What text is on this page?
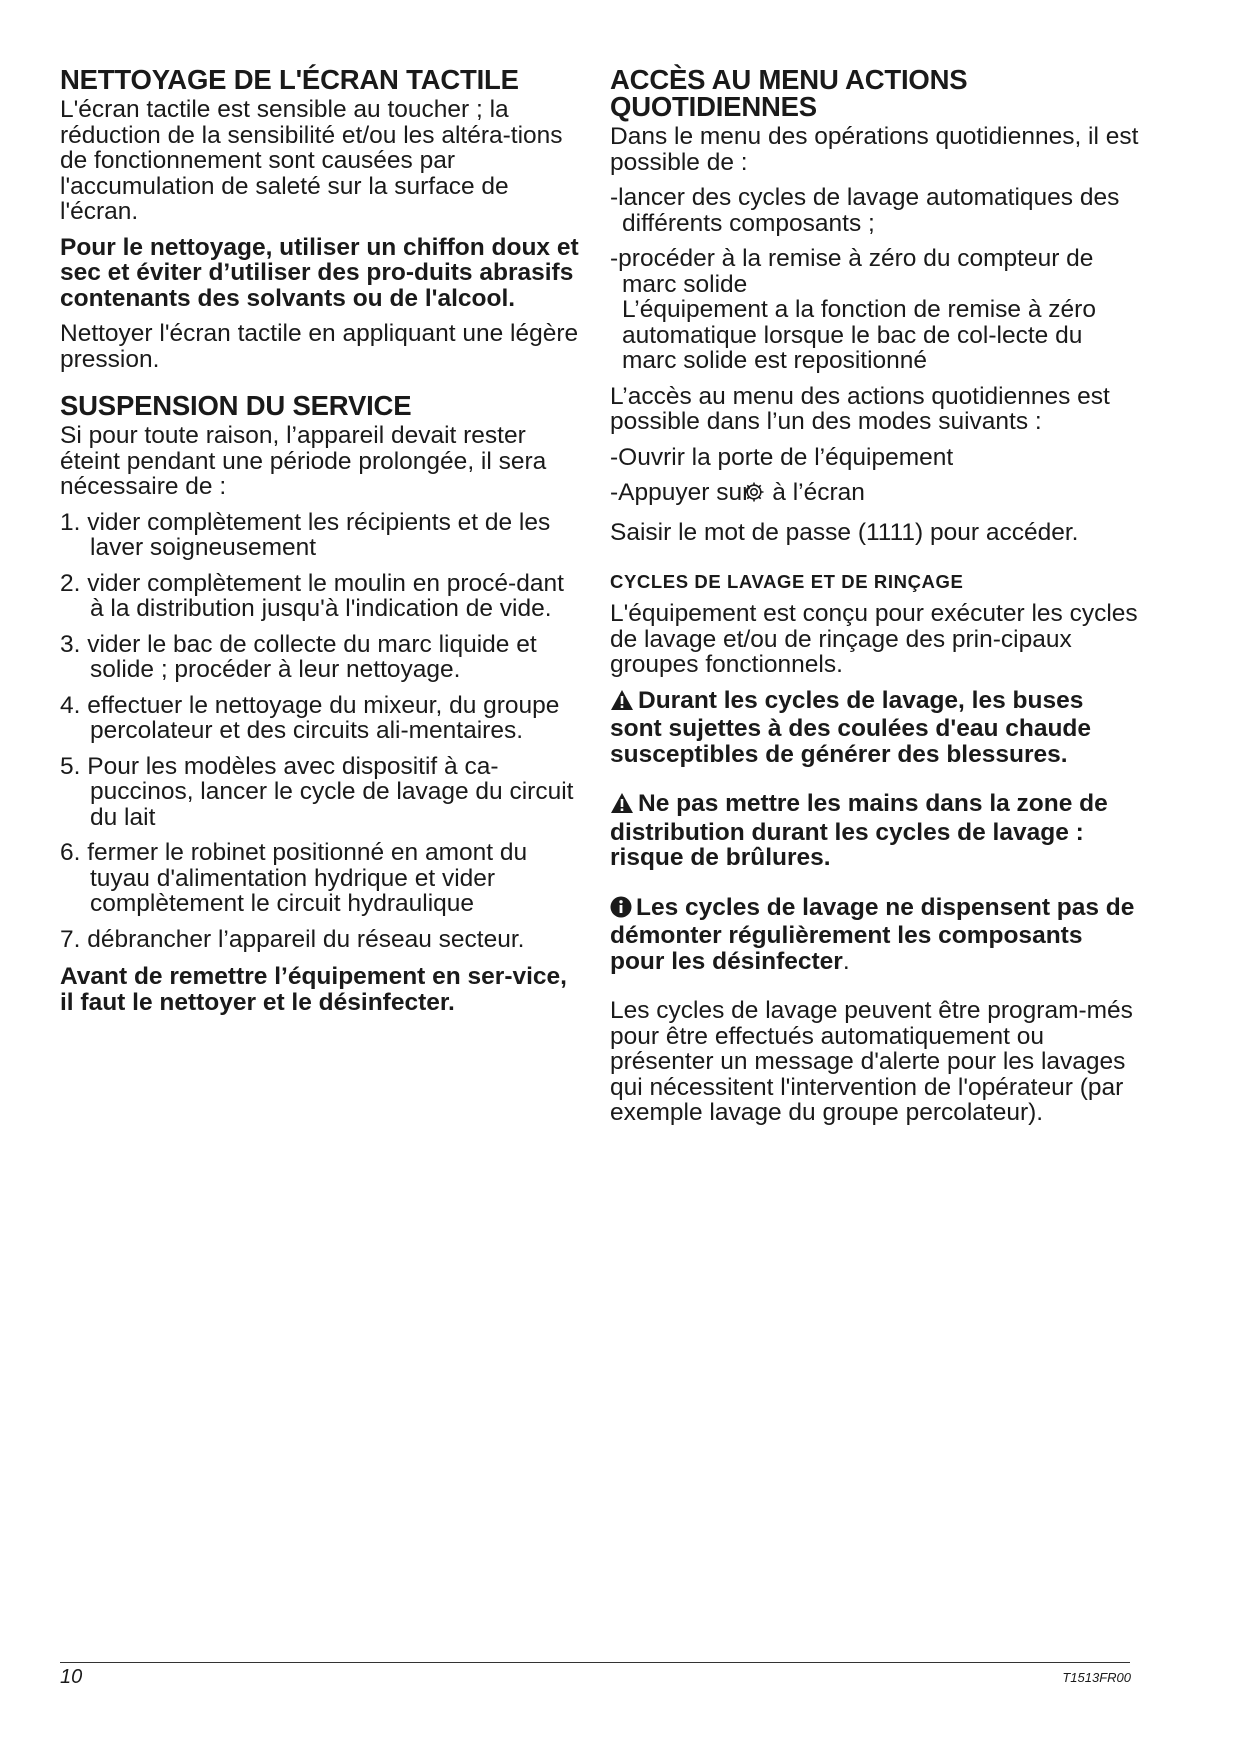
NETTOYAGE DE L'ÉCRAN TACTILE

L'écran tactile est sensible au toucher ; la réduction de la sensibilité et/ou les altéra-tions de fonctionnement sont causées par l'accumulation de saleté sur la surface de l'écran.

Pour le nettoyage, utiliser un chiffon doux et sec et éviter d’utiliser des pro-duits abrasifs contenants des solvants ou de l'alcool.

Nettoyer l'écran tactile en appliquant une légère pression.

SUSPENSION DU SERVICE

Si pour toute raison, l’appareil devait rester éteint pendant une période prolongée, il sera nécessaire de :

1. vider complètement les récipients et de les laver soigneusement
2. vider complètement le moulin en procé-dant à la distribution jusqu'à l'indication de vide.
3. vider le bac de collecte du marc liquide et solide ; procéder à leur nettoyage.
4. effectuer le nettoyage du mixeur, du groupe percolateur et des circuits ali-mentaires.
5. Pour les modèles avec dispositif à ca-puccinos, lancer le cycle de lavage du circuit du lait
6. fermer le robinet positionné en amont du tuyau d'alimentation hydrique et vider complètement le circuit hydraulique
7. débrancher l’appareil du réseau secteur.

Avant de remettre l’équipement en ser-vice, il faut le nettoyer et le désinfecter.

ACCÈS AU MENU ACTIONS QUOTIDIENNES

Dans le menu des opérations quotidiennes, il est possible de :

-lancer des cycles de lavage automatiques des différents composants ;
-procéder à la remise à zéro du compteur de marc solide
L’équipement a la fonction de remise à zéro automatique lorsque le bac de col-lecte du marc solide est repositionné

L’accès au menu des actions quotidiennes est possible dans l’un des modes suivants :

-Ouvrir la porte de l’équipement
-Appuyer sur à l’écran

Saisir le mot de passe (1111) pour accéder.

CYCLES DE LAVAGE ET DE RINÇAGE

L'équipement est conçu pour exécuter les cycles de lavage et/ou de rinçage des prin-cipaux groupes fonctionnels.

Durant les cycles de lavage, les buses sont sujettes à des coulées d'eau chaude susceptibles de générer des blessures.

Ne pas mettre les mains dans la zone de distribution durant les cycles de lavage : risque de brûlures.

Les cycles de lavage ne dispensent pas de démonter régulièrement les composants pour les désinfecter.

Les cycles de lavage peuvent être program-més pour être effectués automatiquement ou présenter un message d'alerte pour les lavages qui nécessitent l'intervention de l'opérateur (par exemple lavage du groupe percolateur).

10	T1513FR00
